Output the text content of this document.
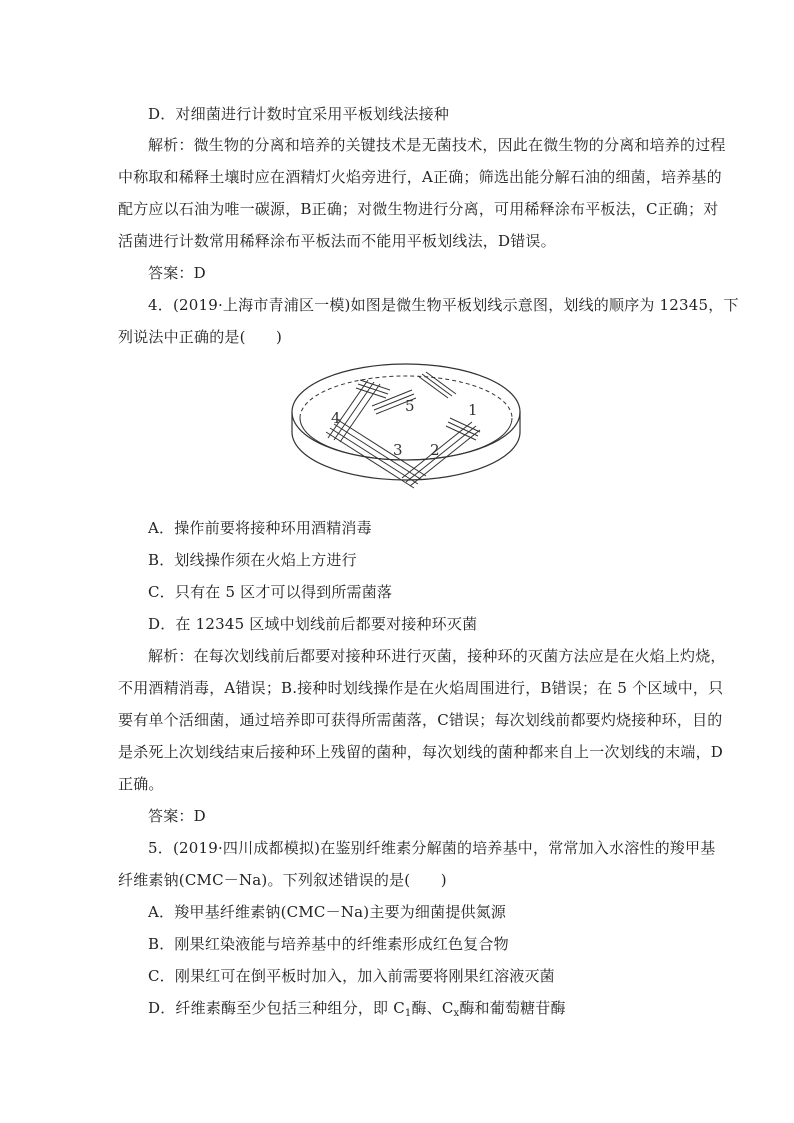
D．对细菌进行计数时宜采用平板划线法接种
解析：微生物的分离和培养的关键技术是无菌技术，因此在微生物的分离和培养的过程
中称取和稀释土壤时应在酒精灯火焰旁进行，A正确；筛选出能分解石油的细菌，培养基的
配方应以石油为唯一碳源，B正确；对微生物进行分离，可用稀释涂布平板法，C正确；对
活菌进行计数常用稀释涂布平板法而不能用平板划线法，D错误。
答案：D
4．(2019·上海市青浦区一模)如图是微生物平板划线示意图，划线的顺序为 12345，下
列说法中正确的是(　　)
1
2
3
4
5
A．操作前要将接种环用酒精消毒
B．划线操作须在火焰上方进行
C．只有在 5 区才可以得到所需菌落
D．在 12345 区域中划线前后都要对接种环灭菌
解析：在每次划线前后都要对接种环进行灭菌，接种环的灭菌方法应是在火焰上灼烧，
不用酒精消毒，A错误；B.接种时划线操作是在火焰周围进行，B错误；在 5 个区域中，只
要有单个活细菌，通过培养即可获得所需菌落，C错误；每次划线前都要灼烧接种环，目的
是杀死上次划线结束后接种环上残留的菌种，每次划线的菌种都来自上一次划线的末端，D
正确。
答案：D
5．(2019·四川成都模拟)在鉴别纤维素分解菌的培养基中，常常加入水溶性的羧甲基
纤维素钠(CMC－Na)。下列叙述错误的是(　　)
A．羧甲基纤维素钠(CMC－Na)主要为细菌提供氮源
B．刚果红染液能与培养基中的纤维素形成红色复合物
C．刚果红可在倒平板时加入，加入前需要将刚果红溶液灭菌
D．纤维素酶至少包括三种组分，即 $C_1$酶、$C_x$酶和葡萄糖苷酶
